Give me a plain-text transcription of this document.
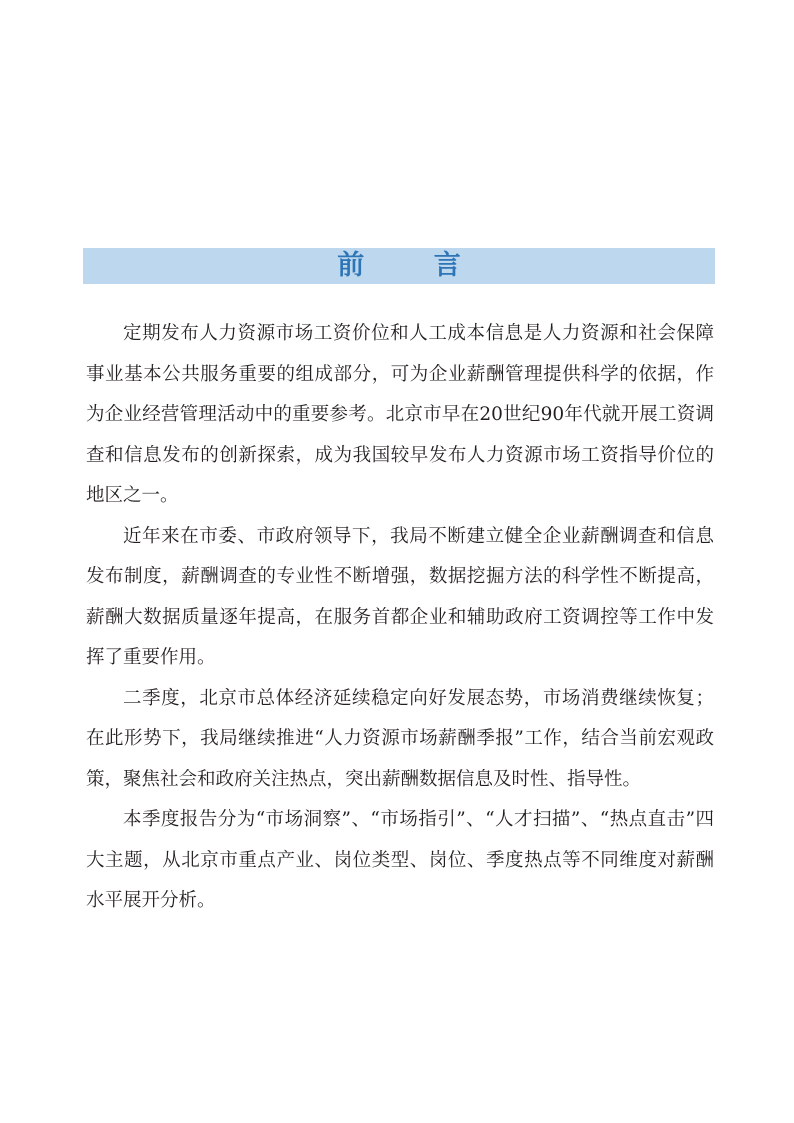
前 言

定期发布人力资源市场工资价位和人工成本信息是人力资源和社会保障事业基本公共服务重要的组成部分，可为企业薪酬管理提供科学的依据，作为企业经营管理活动中的重要参考。北京市早在20世纪90年代就开展工资调查和信息发布的创新探索，成为我国较早发布人力资源市场工资指导价位的地区之一。

近年来在市委、市政府领导下，我局不断建立健全企业薪酬调查和信息发布制度，薪酬调查的专业性不断增强，数据挖掘方法的科学性不断提高，薪酬大数据质量逐年提高，在服务首都企业和辅助政府工资调控等工作中发挥了重要作用。

二季度，北京市总体经济延续稳定向好发展态势，市场消费继续恢复；在此形势下，我局继续推进“人力资源市场薪酬季报”工作，结合当前宏观政策，聚焦社会和政府关注热点，突出薪酬数据信息及时性、指导性。

本季度报告分为“市场洞察”、“市场指引”、“人才扫描”、“热点直击”四大主题，从北京市重点产业、岗位类型、岗位、季度热点等不同维度对薪酬水平展开分析。
